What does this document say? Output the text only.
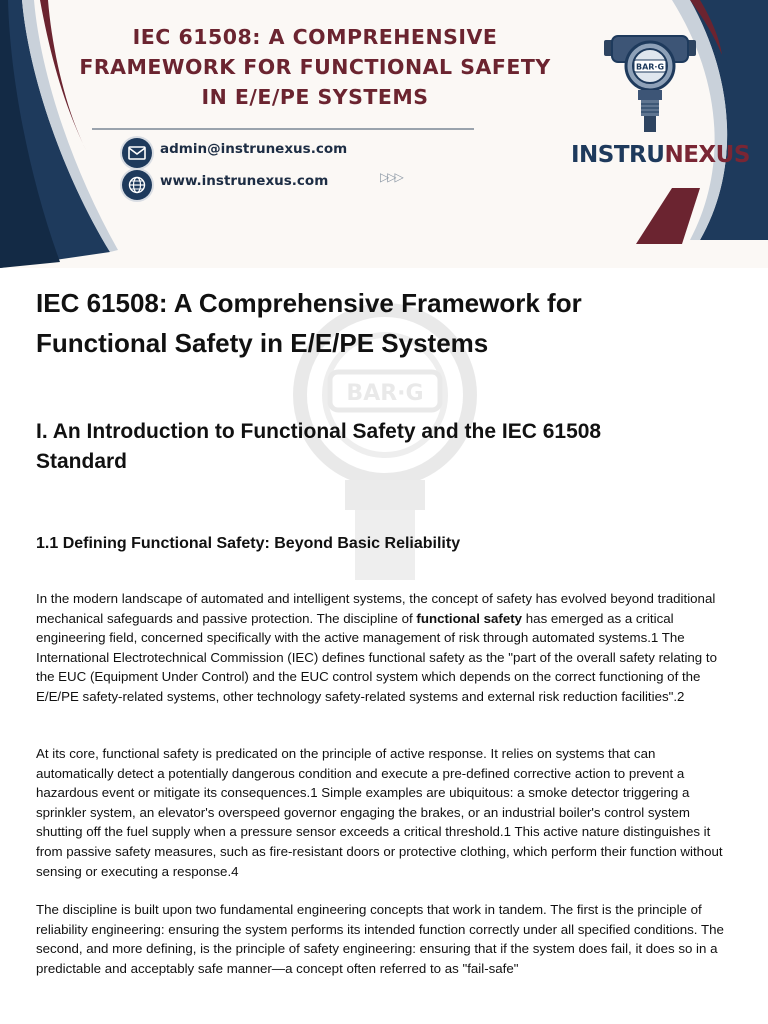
IEC 61508: A COMPREHENSIVE
FRAMEWORK FOR FUNCTIONAL SAFETY
IN E/E/PE SYSTEMS
admin@instrunexus.com
www.instrunexus.com	▷▷▷
BAR·G
INSTRUNEXUS
BAR·G
IEC 61508: A Comprehensive Framework for
Functional Safety in E/E/PE Systems
I. An Introduction to Functional Safety and the IEC 61508
Standard
1.1 Defining Functional Safety: Beyond Basic Reliability

In the modern landscape of automated and intelligent systems, the concept of safety has evolved beyond traditional mechanical safeguards and passive protection. The discipline of functional safety has emerged as a critical engineering field, concerned specifically with the active management of risk through automated systems.1 The International Electrotechnical Commission (IEC) defines functional safety as the "part of the overall safety relating to the EUC (Equipment Under Control) and the EUC control system which depends on the correct functioning of the E/E/PE safety-related systems, other technology safety-related systems and external risk reduction facilities".2

At its core, functional safety is predicated on the principle of active response. It relies on systems that can automatically detect a potentially dangerous condition and execute a pre-defined corrective action to prevent a hazardous event or mitigate its consequences.1 Simple examples are ubiquitous: a smoke detector triggering a sprinkler system, an elevator's overspeed governor engaging the brakes, or an industrial boiler's control system shutting off the fuel supply when a pressure sensor exceeds a critical threshold.1 This active nature distinguishes it from passive safety measures, such as fire-resistant doors or protective clothing, which perform their function without sensing or executing a response.4

The discipline is built upon two fundamental engineering concepts that work in tandem. The first is the principle of reliability engineering: ensuring the system performs its intended function correctly under all specified conditions. The second, and more defining, is the principle of safety engineering: ensuring that if the system does fail, it does so in a predictable and acceptably safe manner—a concept often referred to as "fail-safe"
